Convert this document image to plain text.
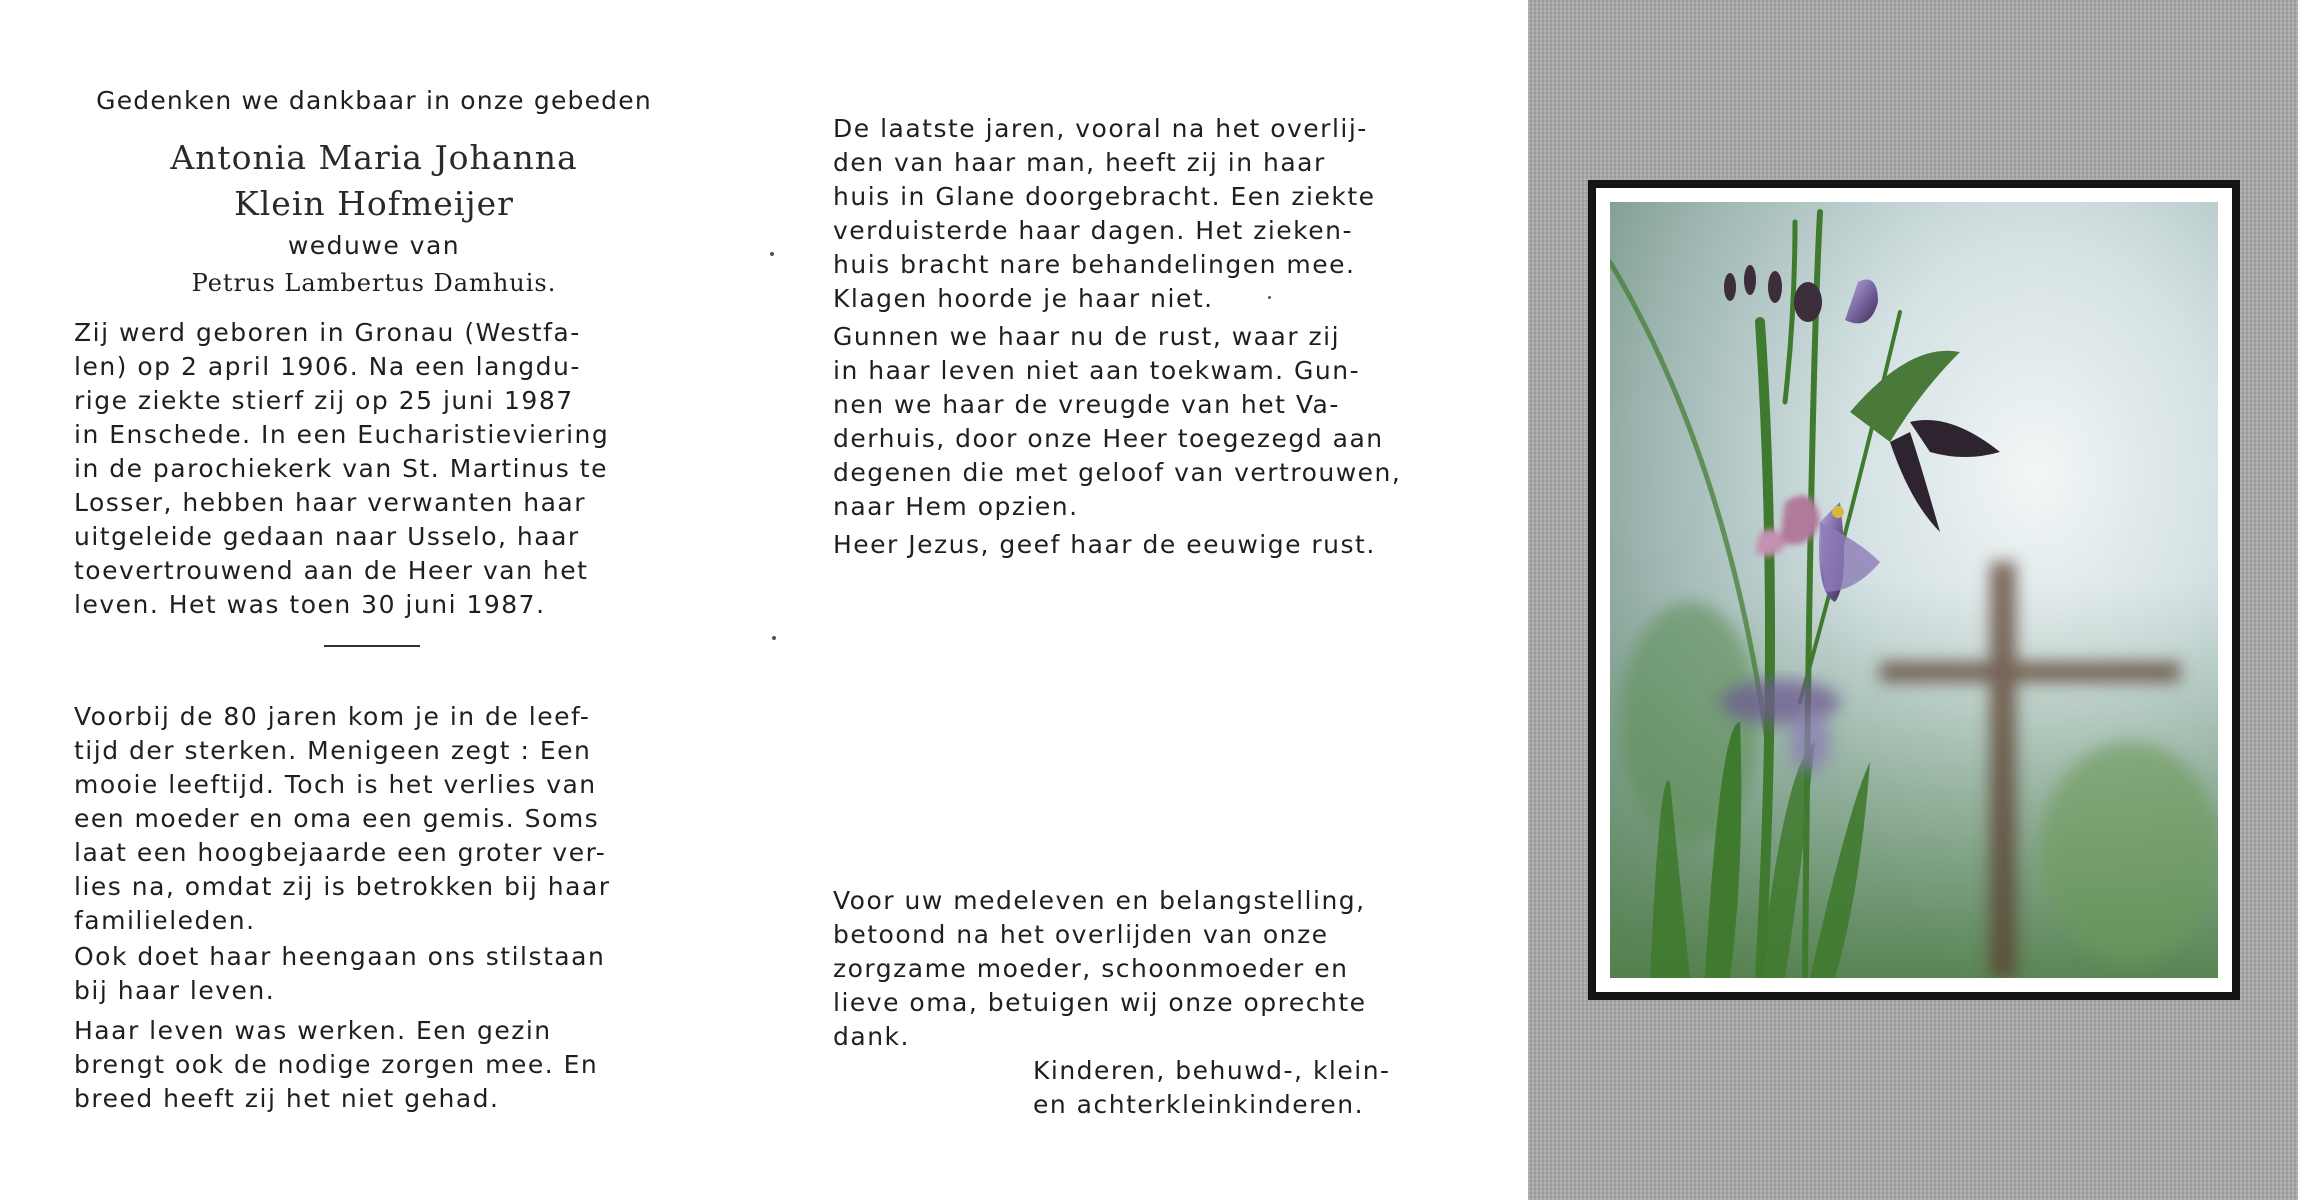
Gedenken we dankbaar in onze gebeden

Antonia Maria Johanna

Klein Hofmeijer

weduwe van

Petrus Lambertus Damhuis.

Zij werd geboren in Gronau (Westfa-
len) op 2 april 1906. Na een langdu-
rige ziekte stierf zij op 25 juni 1987
in Enschede. In een Eucharistieviering
in de parochiekerk van St. Martinus te
Losser, hebben haar verwanten haar
uitgeleide gedaan naar Usselo, haar
toevertrouwend aan de Heer van het
leven. Het was toen 30 juni 1987.

Voorbij de 80 jaren kom je in de leef-
tijd der sterken. Menigeen zegt : Een
mooie leeftijd. Toch is het verlies van
een moeder en oma een gemis. Soms
laat een hoogbejaarde een groter ver-
lies na, omdat zij is betrokken bij haar
familieleden.

Ook doet haar heengaan ons stilstaan
bij haar leven.

Haar leven was werken. Een gezin
brengt ook de nodige zorgen mee. En
breed heeft zij het niet gehad.

De laatste jaren, vooral na het overlij-
den van haar man, heeft zij in haar
huis in Glane doorgebracht. Een ziekte
verduisterde haar dagen. Het zieken-
huis bracht nare behandelingen mee.
Klagen hoorde je haar niet.

Gunnen we haar nu de rust, waar zij
in haar leven niet aan toekwam. Gun-
nen we haar de vreugde van het Va-
derhuis, door onze Heer toegezegd aan
degenen die met geloof van vertrouwen,
naar Hem opzien.

Heer Jezus, geef haar de eeuwige rust.

Voor uw medeleven en belangstelling,
betoond na het overlijden van onze
zorgzame moeder, schoonmoeder en
lieve oma, betuigen wij onze oprechte
dank.

Kinderen, behuwd-, klein-
en achterkleinkinderen.
